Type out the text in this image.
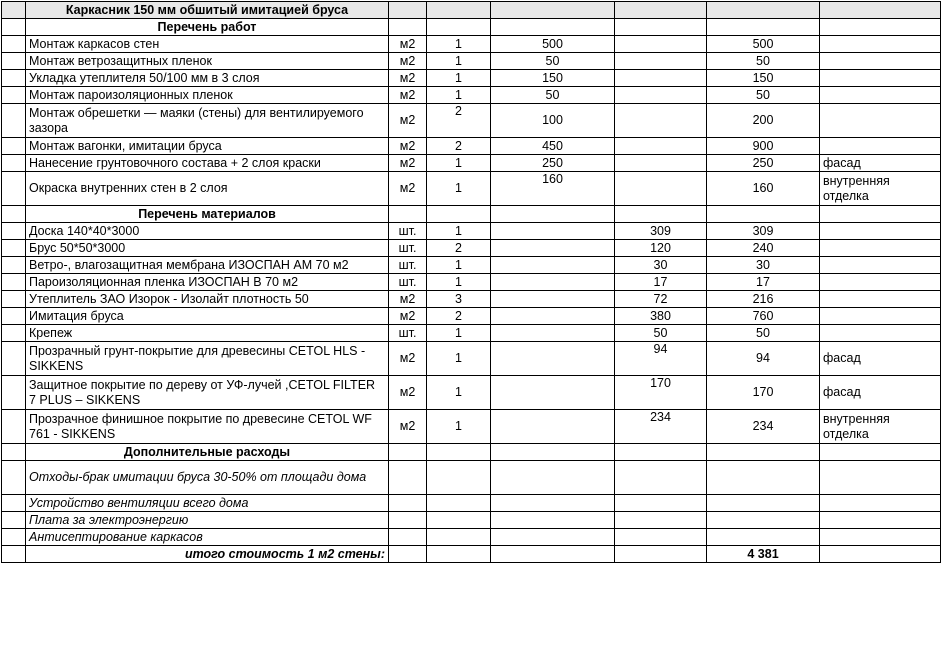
	Каркасник 150 мм обшитый имитацией бруса						
	Перечень работ						
	Монтаж каркасов стен	м2	1	500		500	
	Монтаж ветрозащитных пленок	м2	1	50		50	
	Укладка утеплителя 50/100 мм в 3 слоя	м2	1	150		150	
	Монтаж пароизоляционных пленок	м2	1	50		50	
	Монтаж обрешетки — маяки (стены) для вентилируемого зазора	м2	2	100		200	
	Монтаж вагонки, имитации бруса	м2	2	450		900	
	Нанесение грунтовочного состава + 2 слоя краски	м2	1	250		250	фасад
	Окраска внутренних стен в 2 слоя	м2	1	160		160	внутренняя отделка
	Перечень материалов						
	Доска 140*40*3000	шт.	1		309	309	
	Брус 50*50*3000	шт.	2		120	240	
	Ветро-, влагозащитная мембрана ИЗОСПАН АМ 70 м2	шт.	1		30	30	
	Пароизоляционная пленка ИЗОСПАН В 70 м2	шт.	1		17	17	
	Утеплитель ЗАО Изорок - Изолайт плотность 50	м2	3		72	216	
	Имитация бруса	м2	2		380	760	
	Крепеж	шт.	1		50	50	
	Прозрачный грунт-покрытие для древесины CETOL HLS - SIKKENS	м2	1		94	94	фасад
	Защитное покрытие по дереву от УФ-лучей ,CETOL FILTER 7 PLUS – SIKKENS	м2	1		170	170	фасад
	Прозрачное финишное покрытие по древесине CETOL WF 761 - SIKKENS	м2	1		234	234	внутренняя отделка
	Дополнительные расходы						
	Отходы-брак имитации бруса 30-50% от площади дома						
	Устройство вентиляции всего дома						
	Плата за электроэнергию						
	Антисептирование каркасов						
	итого стоимость 1 м2 стены:					4 381	
